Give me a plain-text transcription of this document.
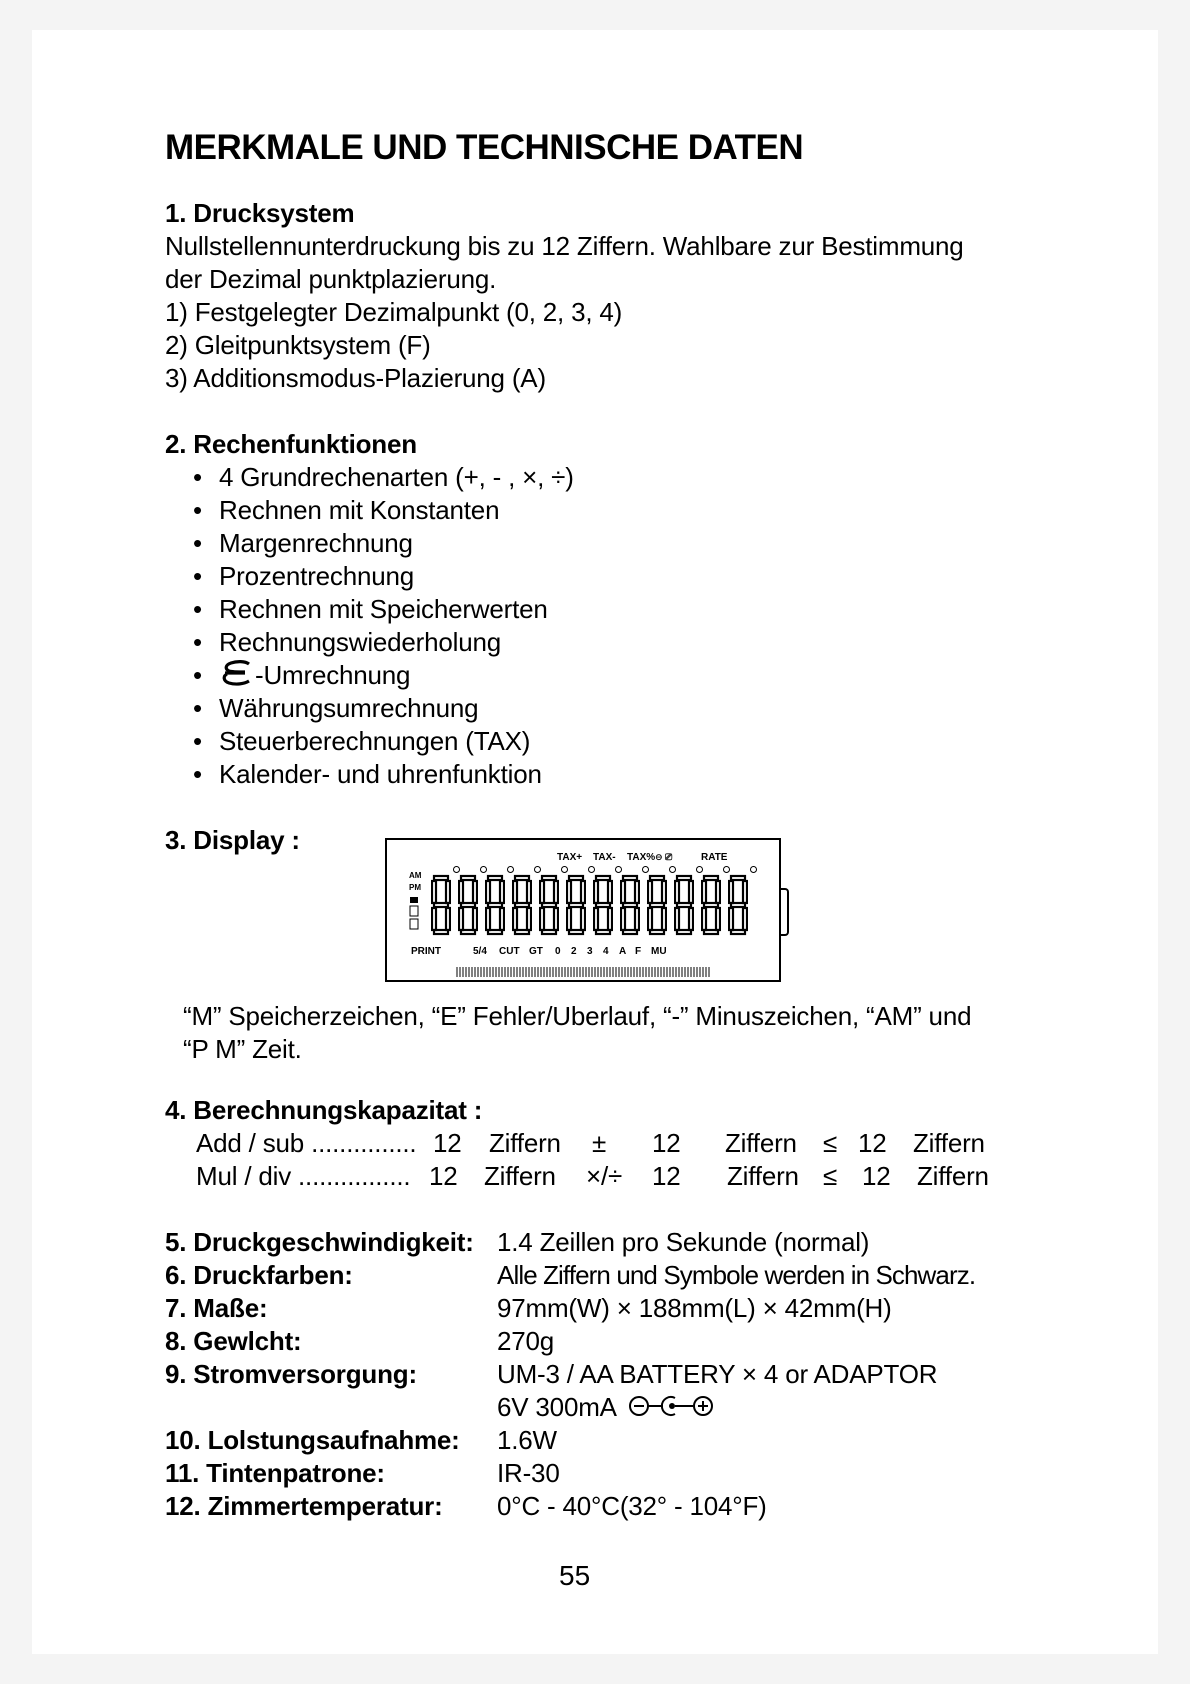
MERKMALE UND TECHNISCHE DATEN
1. Drucksystem
Nullstellennunterdruckung bis zu 12 Ziffern. Wahlbare zur Bestimmung
der Dezimal punktplazierung.
1) Festgelegter Dezimalpunkt (0, 2, 3, 4)
2) Gleitpunktsystem (F)
3) Additionsmodus-Plazierung (A)
2. Rechenfunktionen
• 4 Grundrechenarten (+, - , ×, ÷)
• Rechnen mit Konstanten
• Margenrechnung
• Prozentrechnung
• Rechnen mit Speicherwerten
• Rechnungswiederholung
• -Umrechnung
• Währungsumrechnung
• Steuerberechnungen (TAX)
• Kalender- und uhrenfunktion
3. Display :
TAX+ TAX- TAX% ⊖ ⎚	RATE
AM
PM
PRINT	5/4 CUT GT 0 2 3 4 A F MU
“M” Speicherzeichen, “E” Fehler/Uberlauf, “-” Minuszeichen, “AM” und
“P M” Zeit.
4. Berechnungskapazitat :
Add / sub ............... 12 Ziffern ± 12 Ziffern ≤ 12 Ziffern
Mul / div ................ 12 Ziffern ×/÷ 12 Ziffern ≤ 12 Ziffern
5. Druckgeschwindigkeit: 1.4 Zeillen pro Sekunde (normal)
6. Druckfarben:	Alle Ziffern und Symbole werden in Schwarz.
7. Maße:	97mm(W) × 188mm(L) × 42mm(H)
8. Gewlcht:	270g
9. Stromversorgung:	UM-3 / AA BATTERY × 4 or ADAPTOR
6V 300mA
10. Lolstungsaufnahme: 1.6W
11. Tintenpatrone:	IR-30
12. Zimmertemperatur: 0°C - 40°C(32° - 104°F)
55
